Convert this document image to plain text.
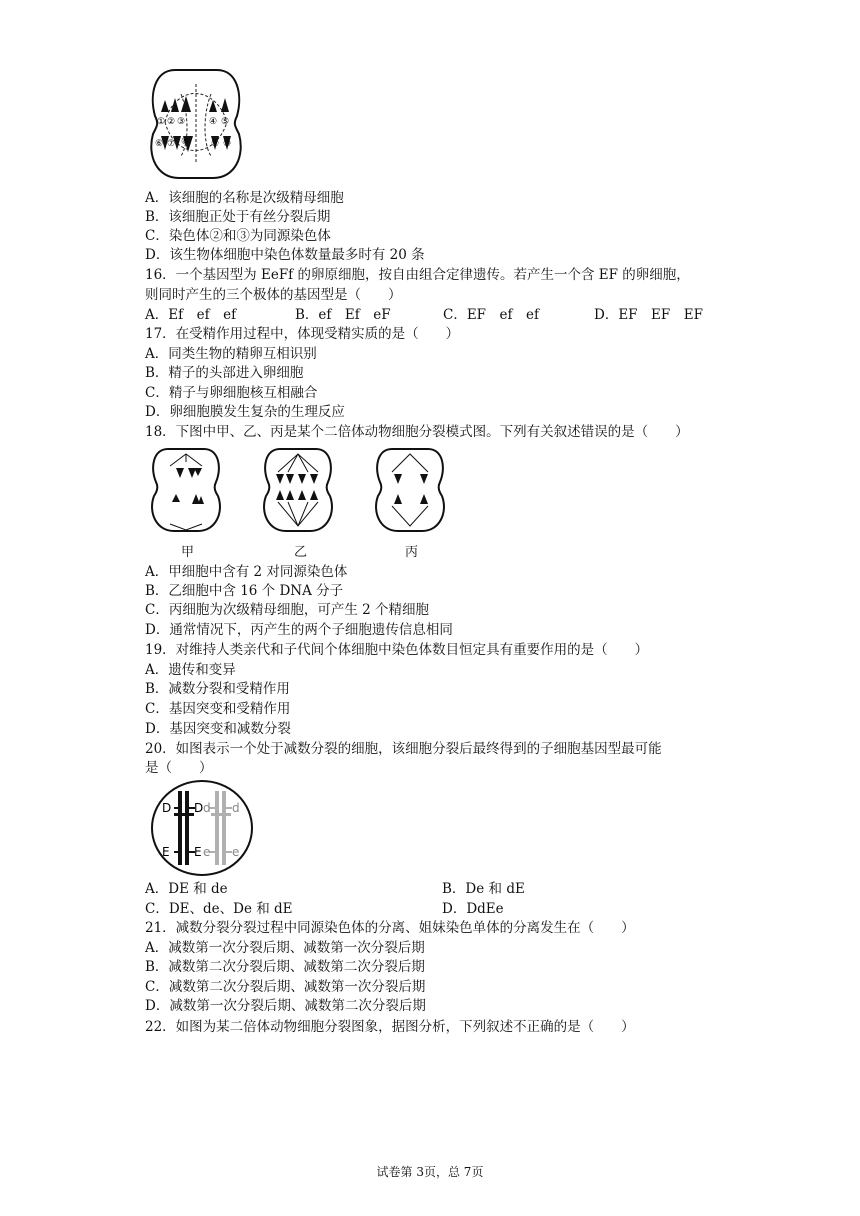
① ② ③	④ ⑤
⑥ ⑦ ⑧ ⑨ ⑩
A．该细胞的名称是次级精母细胞
B．该细胞正处于有丝分裂后期
C．染色体②和③为同源染色体
D．该生物体细胞中染色体数量最多时有 20 条
16．一个基因型为 EeFf 的卵原细胞，按自由组合定律遗传。若产生一个含 EF 的卵细胞，
则同时产生的三个极体的基因型是（　　）
A．Ef　ef　ef	B．ef　Ef　eF	C．EF　ef　ef	D．EF　EF　EF
17．在受精作用过程中，体现受精实质的是（　　）
A．同类生物的精卵互相识别
B．精子的头部进入卵细胞
C．精子与卵细胞核互相融合
D．卵细胞膜发生复杂的生理反应
18．下图中甲、乙、丙是某个二倍体动物细胞分裂模式图。下列有关叙述错误的是（　　）
甲	乙	丙
A．甲细胞中含有 2 对同源染色体
B．乙细胞中含 16 个 DNA 分子
C．丙细胞为次级精母细胞，可产生 2 个精细胞
D．通常情况下，丙产生的两个子细胞遗传信息相同
19．对维持人类亲代和子代间个体细胞中染色体数目恒定具有重要作用的是（　　）
A．遗传和变异
B．减数分裂和受精作用
C．基因突变和受精作用
D．基因突变和减数分裂
20．如图表示一个处于减数分裂的细胞，该细胞分裂后最终得到的子细胞基因型最可能
是（　　）
D D d d
E E e e
A．DE 和 de	B．De 和 dE
C．DE、de、De 和 dE	D．DdEe
21．减数分裂分裂过程中同源染色体的分离、姐妹染色单体的分离发生在（　　）
A．减数第一次分裂后期、减数第一次分裂后期
B．减数第二次分裂后期、减数第二次分裂后期
C．减数第二次分裂后期、减数第一次分裂后期
D．减数第一次分裂后期、减数第二次分裂后期
22．如图为某二倍体动物细胞分裂图象，据图分析，下列叙述不正确的是（　　）
试卷第 3页，总 7页
